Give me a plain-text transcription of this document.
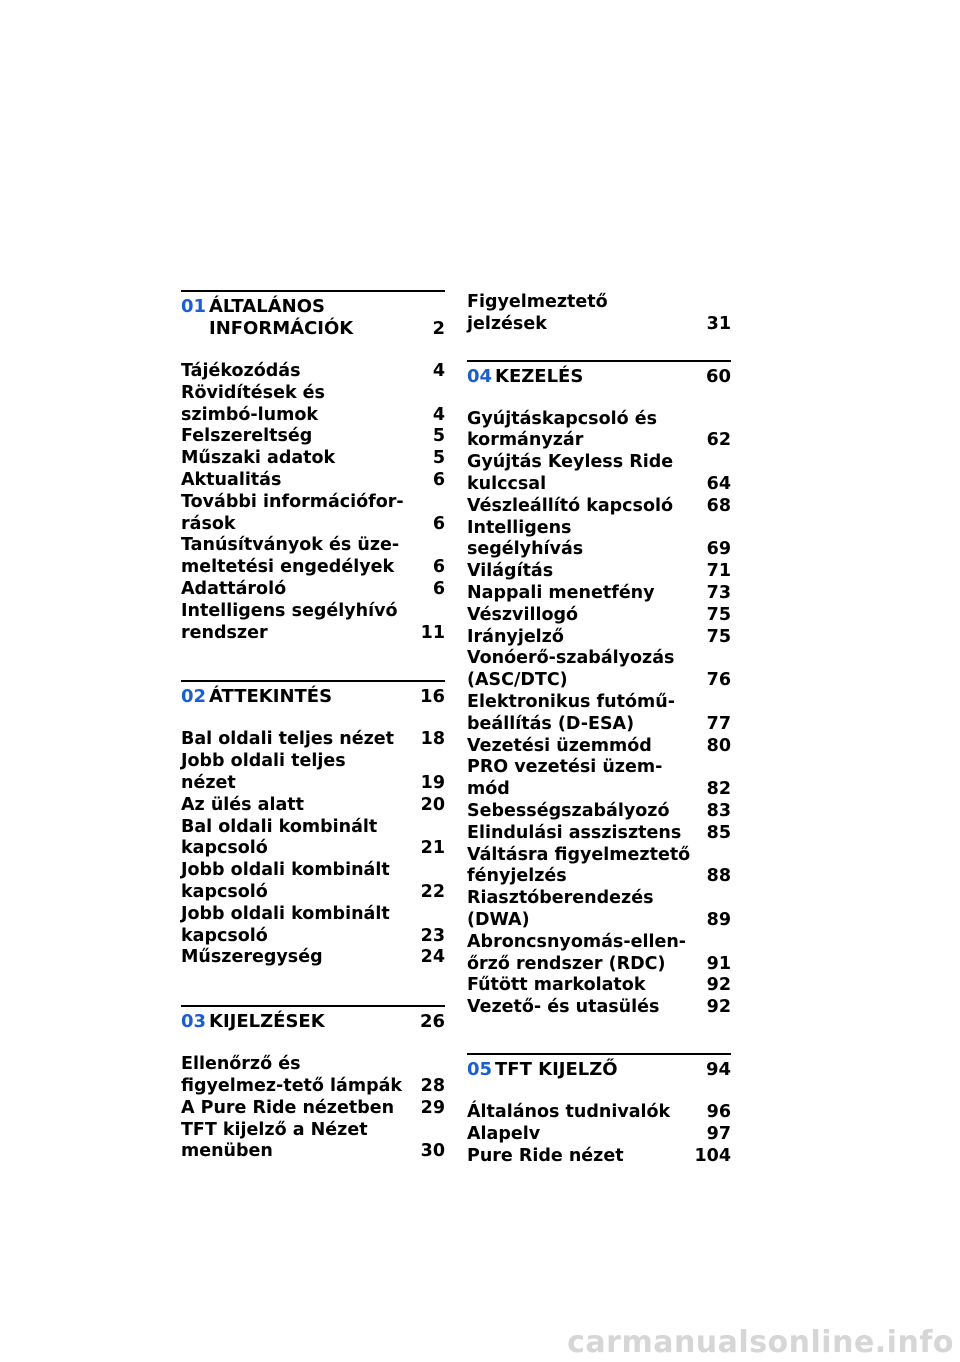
01 ÁLTALÁNOS INFORMÁCIÓK	2
Tájékozódás	4
Rövidítések és szimbó-lumok	4
Felszereltség	5
Műszaki adatok	5
Aktualitás	6
További információfor-rások	6
Tanúsítványok és üze-meltetési engedélyek	6
Adattároló	6
Intelligens segélyhívó rendszer	11
02 ÁTTEKINTÉS	16
Bal oldali teljes nézet	18
Jobb oldali teljes nézet	19
Az ülés alatt	20
Bal oldali kombinált kapcsoló	21
Jobb oldali kombinált kapcsoló	22
Jobb oldali kombinált kapcsoló	23
Műszeregység	24
03 KIJELZÉSEK	26
Ellenőrző és figyelmez-tető lámpák 28
A Pure Ride nézetben	29
TFT kijelző a Nézet menüben	30
Figyelmeztető jelzések	31
04 KEZELÉS	60
Gyújtáskapcsoló és kormányzár	62
Gyújtás Keyless Ride kulccsal	64
Vészleállító kapcsoló	68
Intelligens segélyhívás	69
Világítás	71
Nappali menetfény	73
Vészvillogó	75
Irányjelző	75
Vonóerő-szabályozás (ASC/DTC)	76
Elektronikus futómű-beállítás (D-ESA)	77
Vezetési üzemmód	80
PRO vezetési üzem-mód	82
Sebességszabályozó	83
Elindulási asszisztens	85
Váltásra figyelmeztető fényjelzés	88
Riasztóberendezés (DWA)	89
Abroncsnyomás-ellen-őrző rendszer (RDC)	91
Fűtött markolatok	92
Vezető- és utasülés	92
05 TFT KIJELZŐ	94
Általános tudnivalók	96
Alapelv	97
Pure Ride nézet	104
carmanualsonline.info
